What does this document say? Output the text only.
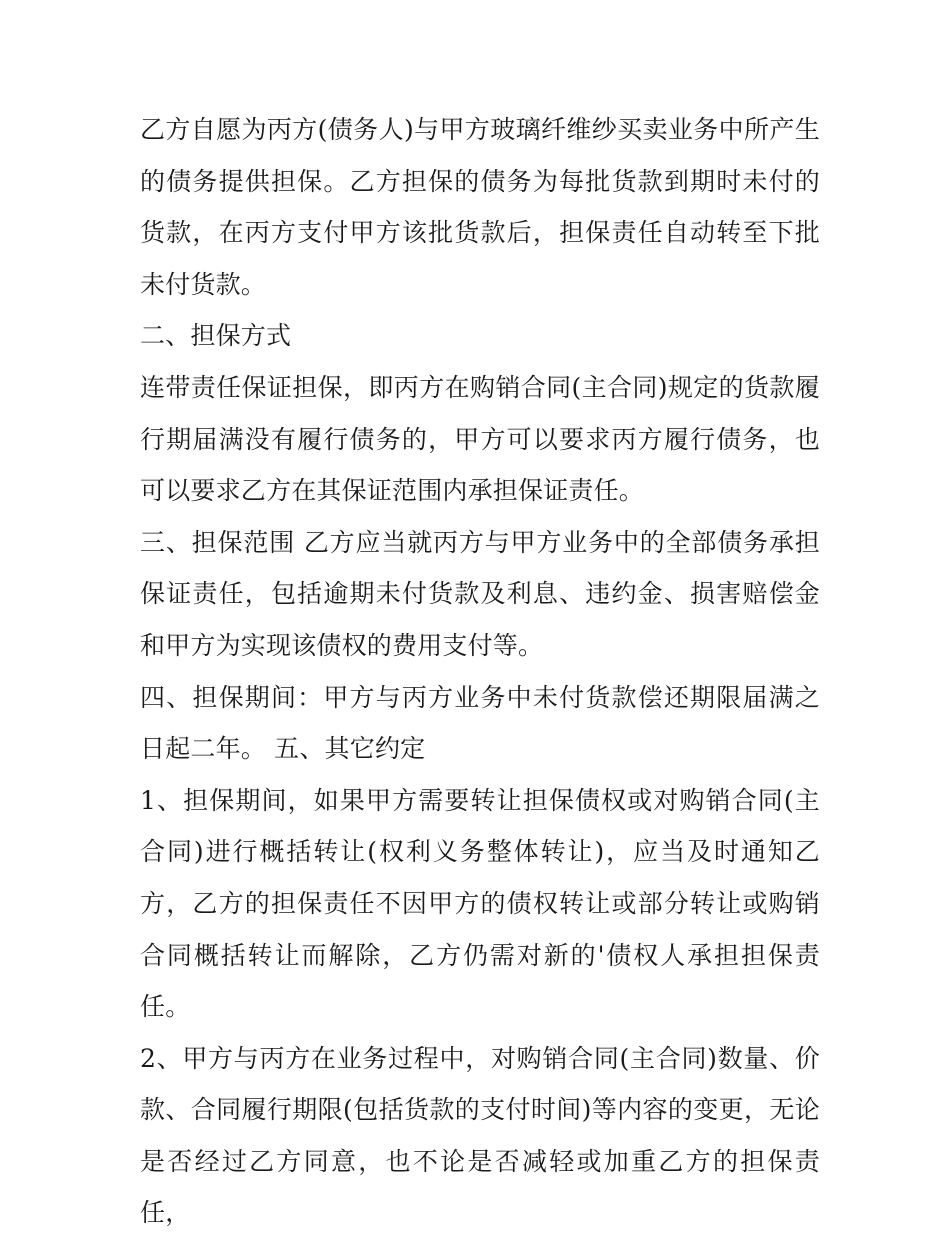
乙方自愿为丙方(债务人)与甲方玻璃纤维纱买卖业务中所产生的债务提供担保。乙方担保的债务为每批货款到期时未付的货款，在丙方支付甲方该批货款后，担保责任自动转至下批未付货款。

二、担保方式

连带责任保证担保，即丙方在购销合同(主合同)规定的货款履行期届满没有履行债务的，甲方可以要求丙方履行债务，也可以要求乙方在其保证范围内承担保证责任。

三、担保范围 乙方应当就丙方与甲方业务中的全部债务承担保证责任，包括逾期未付货款及利息、违约金、损害赔偿金和甲方为实现该债权的费用支付等。

四、担保期间：甲方与丙方业务中未付货款偿还期限届满之日起二年。 五、其它约定

1、担保期间，如果甲方需要转让担保债权或对购销合同(主合同)进行概括转让(权利义务整体转让)，应当及时通知乙方，乙方的担保责任不因甲方的债权转让或部分转让或购销合同概括转让而解除，乙方仍需对新的'债权人承担担保责任。

2、甲方与丙方在业务过程中，对购销合同(主合同)数量、价款、合同履行期限(包括货款的支付时间)等内容的变更，无论是否经过乙方同意，也不论是否减轻或加重乙方的担保责任，
